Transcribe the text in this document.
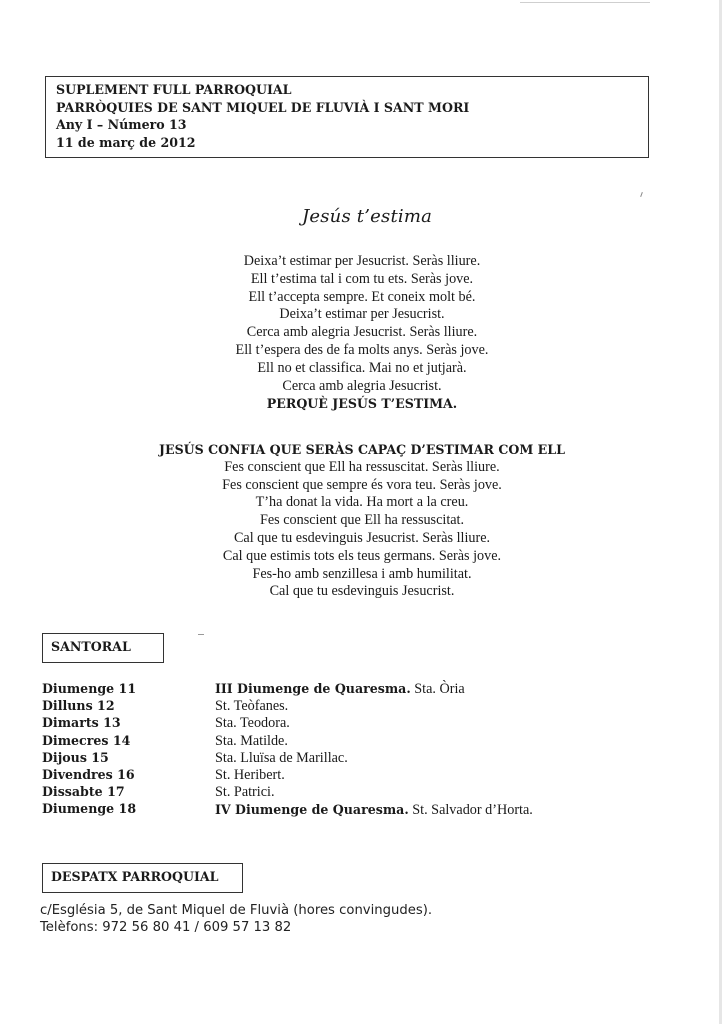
SUPLEMENT FULL PARROQUIAL
PARRÒQUIES DE SANT MIQUEL DE FLUVIÀ I SANT MORI
Any I – Número 13
11 de març de 2012
Jesús t’estima
Deixa’t estimar per Jesucrist. Seràs lliure.
Ell t’estima tal i com tu ets. Seràs jove.
Ell t’accepta sempre. Et coneix molt bé.
Deixa’t estimar per Jesucrist.
Cerca amb alegria Jesucrist. Seràs lliure.
Ell t’espera des de fa molts anys. Seràs jove.
Ell no et classifica. Mai no et jutjarà.
Cerca amb alegria Jesucrist.
PERQUÈ JESÚS T’ESTIMA.
JESÚS CONFIA QUE SERÀS CAPAÇ D’ESTIMAR COM ELL
Fes conscient que Ell ha ressuscitat. Seràs lliure.
Fes conscient que sempre és vora teu. Seràs jove.
T’ha donat la vida. Ha mort a la creu.
Fes conscient que Ell ha ressuscitat.
Cal que tu esdevinguis Jesucrist. Seràs lliure.
Cal que estimis tots els teus germans. Seràs jove.
Fes-ho amb senzillesa i amb humilitat.
Cal que tu esdevinguis Jesucrist.
SANTORAL
Diumenge 11
Dilluns 12
Dimarts 13
Dimecres 14
Dijous 15
Divendres 16
Dissabte 17
Diumenge 18
III Diumenge de Quaresma. Sta. Òria
St. Teòfanes.
Sta. Teodora.
Sta. Matilde.
Sta. Lluïsa de Marillac.
St. Heribert.
St. Patrici.
IV Diumenge de Quaresma. St. Salvador d’Horta.
DESPATX PARROQUIAL
c/Església 5, de Sant Miquel de Fluvià (hores convingudes).
Telèfons: 972 56 80 41 / 609 57 13 82
